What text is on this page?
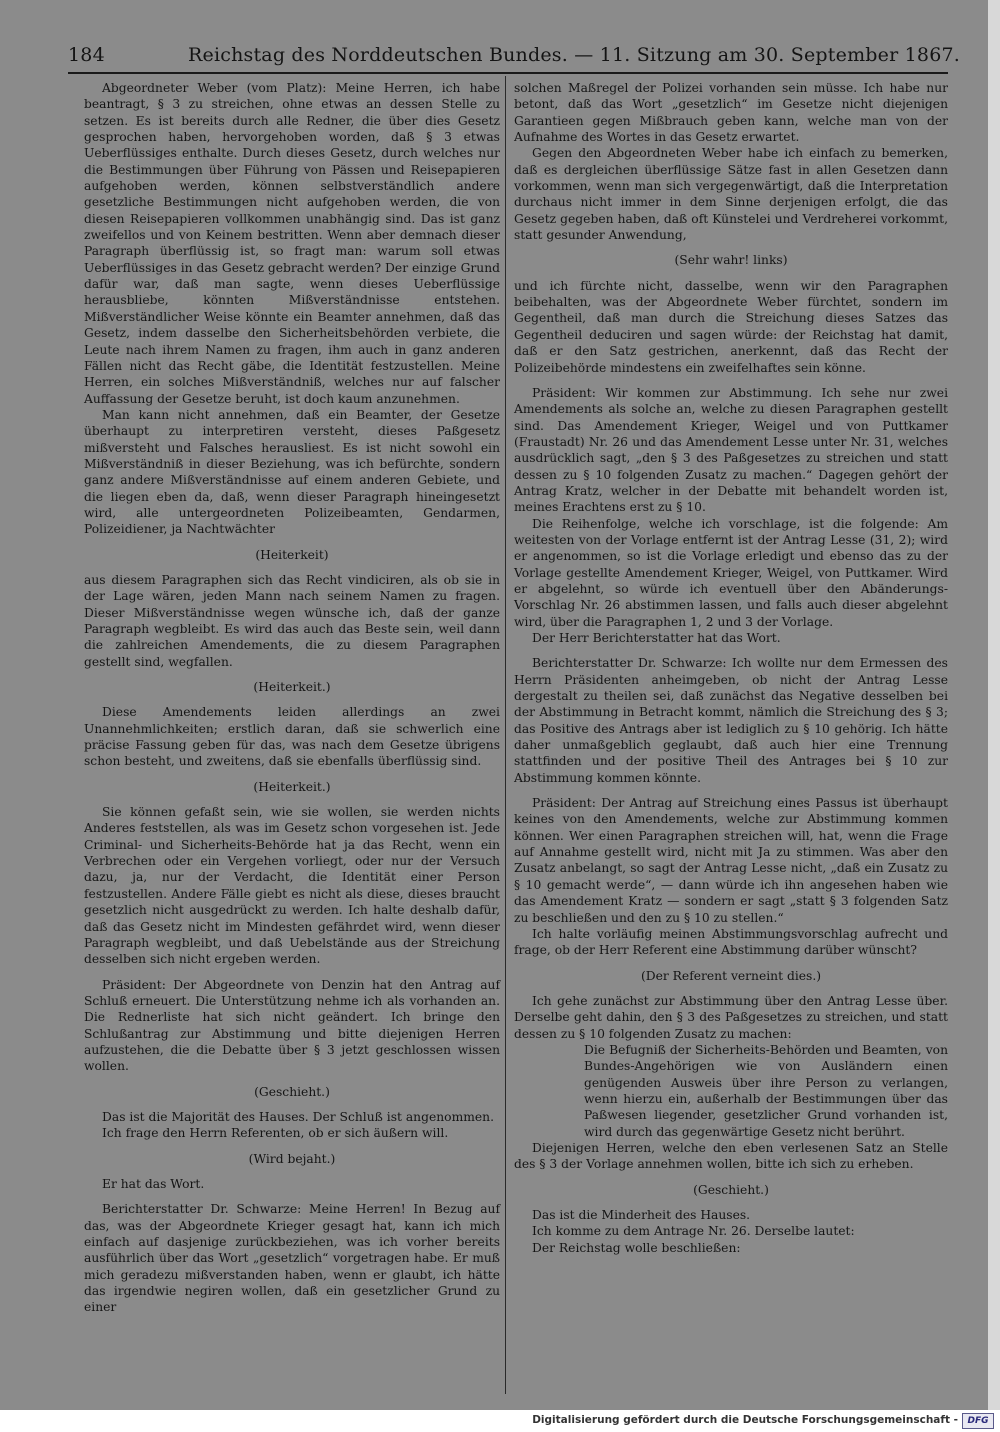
184	Reichstag des Norddeutschen Bundes. — 11. Sitzung am 30. September 1867.

Abgeordneter Weber (vom Platz): Meine Herren, ich habe beantragt, § 3 zu streichen, ohne etwas an dessen Stelle zu setzen. Es ist bereits durch alle Redner, die über dies Gesetz gesprochen haben, hervorgehoben worden, daß § 3 etwas Ueberflüssiges enthalte. Durch dieses Gesetz, durch welches nur die Bestimmungen über Führung von Pässen und Reisepapieren aufgehoben werden, können selbstverständlich andere gesetzliche Bestimmungen nicht aufgehoben werden, die von diesen Reisepapieren vollkommen unabhängig sind. Das ist ganz zweifellos und von Keinem bestritten. Wenn aber demnach dieser Paragraph überflüssig ist, so fragt man: warum soll etwas Ueberflüssiges in das Gesetz gebracht werden? Der einzige Grund dafür war, daß man sagte, wenn dieses Ueberflüssige herausbliebe, könnten Mißverständnisse entstehen. Mißverständlicher Weise könnte ein Beamter annehmen, daß das Gesetz, indem dasselbe den Sicherheitsbehörden verbiete, die Leute nach ihrem Namen zu fragen, ihm auch in ganz anderen Fällen nicht das Recht gäbe, die Identität festzustellen. Meine Herren, ein solches Mißverständniß, welches nur auf falscher Auffassung der Gesetze beruht, ist doch kaum anzunehmen.

Man kann nicht annehmen, daß ein Beamter, der Gesetze überhaupt zu interpretiren versteht, dieses Paßgesetz mißversteht und Falsches herausliest. Es ist nicht sowohl ein Mißverständniß in dieser Beziehung, was ich befürchte, sondern ganz andere Mißverständnisse auf einem anderen Gebiete, und die liegen eben da, daß, wenn dieser Paragraph hineingesetzt wird, alle untergeordneten Polizeibeamten, Gendarmen, Polizeidiener, ja Nachtwächter

(Heiterkeit)

aus diesem Paragraphen sich das Recht vindiciren, als ob sie in der Lage wären, jeden Mann nach seinem Namen zu fragen. Dieser Mißverständnisse wegen wünsche ich, daß der ganze Paragraph wegbleibt. Es wird das auch das Beste sein, weil dann die zahlreichen Amendements, die zu diesem Paragraphen gestellt sind, wegfallen.

(Heiterkeit.)

Diese Amendements leiden allerdings an zwei Unannehmlichkeiten; erstlich daran, daß sie schwerlich eine präcise Fassung geben für das, was nach dem Gesetze übrigens schon besteht, und zweitens, daß sie ebenfalls überflüssig sind.

(Heiterkeit.)

Sie können gefaßt sein, wie sie wollen, sie werden nichts Anderes feststellen, als was im Gesetz schon vorgesehen ist. Jede Criminal- und Sicherheits-Behörde hat ja das Recht, wenn ein Verbrechen oder ein Vergehen vorliegt, oder nur der Versuch dazu, ja, nur der Verdacht, die Identität einer Person festzustellen. Andere Fälle giebt es nicht als diese, dieses braucht gesetzlich nicht ausgedrückt zu werden. Ich halte deshalb dafür, daß das Gesetz nicht im Mindesten gefährdet wird, wenn dieser Paragraph wegbleibt, und daß Uebelstände aus der Streichung desselben sich nicht ergeben werden.

Präsident: Der Abgeordnete von Denzin hat den Antrag auf Schluß erneuert. Die Unterstützung nehme ich als vorhanden an. Die Rednerliste hat sich nicht geändert. Ich bringe den Schlußantrag zur Abstimmung und bitte diejenigen Herren aufzustehen, die die Debatte über § 3 jetzt geschlossen wissen wollen.

(Geschieht.)

Das ist die Majorität des Hauses. Der Schluß ist angenommen.

Ich frage den Herrn Referenten, ob er sich äußern will.

(Wird bejaht.)

Er hat das Wort.

Berichterstatter Dr. Schwarze: Meine Herren! In Bezug auf das, was der Abgeordnete Krieger gesagt hat, kann ich mich einfach auf dasjenige zurückbeziehen, was ich vorher bereits ausführlich über das Wort „gesetzlich“ vorgetragen habe. Er muß mich geradezu mißverstanden haben, wenn er glaubt, ich hätte das irgendwie negiren wollen, daß ein gesetzlicher Grund zu einer

solchen Maßregel der Polizei vorhanden sein müsse. Ich habe nur betont, daß das Wort „gesetzlich“ im Gesetze nicht diejenigen Garantieen gegen Mißbrauch geben kann, welche man von der Aufnahme des Wortes in das Gesetz erwartet.

Gegen den Abgeordneten Weber habe ich einfach zu bemerken, daß es dergleichen überflüssige Sätze fast in allen Gesetzen dann vorkommen, wenn man sich vergegenwärtigt, daß die Interpretation durchaus nicht immer in dem Sinne derjenigen erfolgt, die das Gesetz gegeben haben, daß oft Künstelei und Verdreherei vorkommt, statt gesunder Anwendung,

(Sehr wahr! links)

und ich fürchte nicht, dasselbe, wenn wir den Paragraphen beibehalten, was der Abgeordnete Weber fürchtet, sondern im Gegentheil, daß man durch die Streichung dieses Satzes das Gegentheil deduciren und sagen würde: der Reichstag hat damit, daß er den Satz gestrichen, anerkennt, daß das Recht der Polizeibehörde mindestens ein zweifelhaftes sein könne.

Präsident: Wir kommen zur Abstimmung. Ich sehe nur zwei Amendements als solche an, welche zu diesen Paragraphen gestellt sind. Das Amendement Krieger, Weigel und von Puttkamer (Fraustadt) Nr. 26 und das Amendement Lesse unter Nr. 31, welches ausdrücklich sagt, „den § 3 des Paßgesetzes zu streichen und statt dessen zu § 10 folgenden Zusatz zu machen.“ Dagegen gehört der Antrag Kratz, welcher in der Debatte mit behandelt worden ist, meines Erachtens erst zu § 10.

Die Reihenfolge, welche ich vorschlage, ist die folgende: Am weitesten von der Vorlage entfernt ist der Antrag Lesse (31, 2); wird er angenommen, so ist die Vorlage erledigt und ebenso das zu der Vorlage gestellte Amendement Krieger, Weigel, von Puttkamer. Wird er abgelehnt, so würde ich eventuell über den Abänderungs-Vorschlag Nr. 26 abstimmen lassen, und falls auch dieser abgelehnt wird, über die Paragraphen 1, 2 und 3 der Vorlage.

Der Herr Berichterstatter hat das Wort.

Berichterstatter Dr. Schwarze: Ich wollte nur dem Ermessen des Herrn Präsidenten anheimgeben, ob nicht der Antrag Lesse dergestalt zu theilen sei, daß zunächst das Negative desselben bei der Abstimmung in Betracht kommt, nämlich die Streichung des § 3; das Positive des Antrags aber ist lediglich zu § 10 gehörig. Ich hätte daher unmaßgeblich geglaubt, daß auch hier eine Trennung stattfinden und der positive Theil des Antrages bei § 10 zur Abstimmung kommen könnte.

Präsident: Der Antrag auf Streichung eines Passus ist überhaupt keines von den Amendements, welche zur Abstimmung kommen können. Wer einen Paragraphen streichen will, hat, wenn die Frage auf Annahme gestellt wird, nicht mit Ja zu stimmen. Was aber den Zusatz anbelangt, so sagt der Antrag Lesse nicht, „daß ein Zusatz zu § 10 gemacht werde“, — dann würde ich ihn angesehen haben wie das Amendement Kratz — sondern er sagt „statt § 3 folgenden Satz zu beschließen und den zu § 10 zu stellen.“

Ich halte vorläufig meinen Abstimmungsvorschlag aufrecht und frage, ob der Herr Referent eine Abstimmung darüber wünscht?

(Der Referent verneint dies.)

Ich gehe zunächst zur Abstimmung über den Antrag Lesse über. Derselbe geht dahin, den § 3 des Paßgesetzes zu streichen, und statt dessen zu § 10 folgenden Zusatz zu machen:

Die Befugniß der Sicherheits-Behörden und Beamten, von Bundes-Angehörigen wie von Ausländern einen genügenden Ausweis über ihre Person zu verlangen, wenn hierzu ein, außerhalb der Bestimmungen über das Paßwesen liegender, gesetzlicher Grund vorhanden ist, wird durch das gegenwärtige Gesetz nicht berührt.

Diejenigen Herren, welche den eben verlesenen Satz an Stelle des § 3 der Vorlage annehmen wollen, bitte ich sich zu erheben.

(Geschieht.)

Das ist die Minderheit des Hauses.

Ich komme zu dem Antrage Nr. 26. Derselbe lautet:

Der Reichstag wolle beschließen:

Digitalisierung gefördert durch die Deutsche Forschungsgemeinschaft -	DFG
